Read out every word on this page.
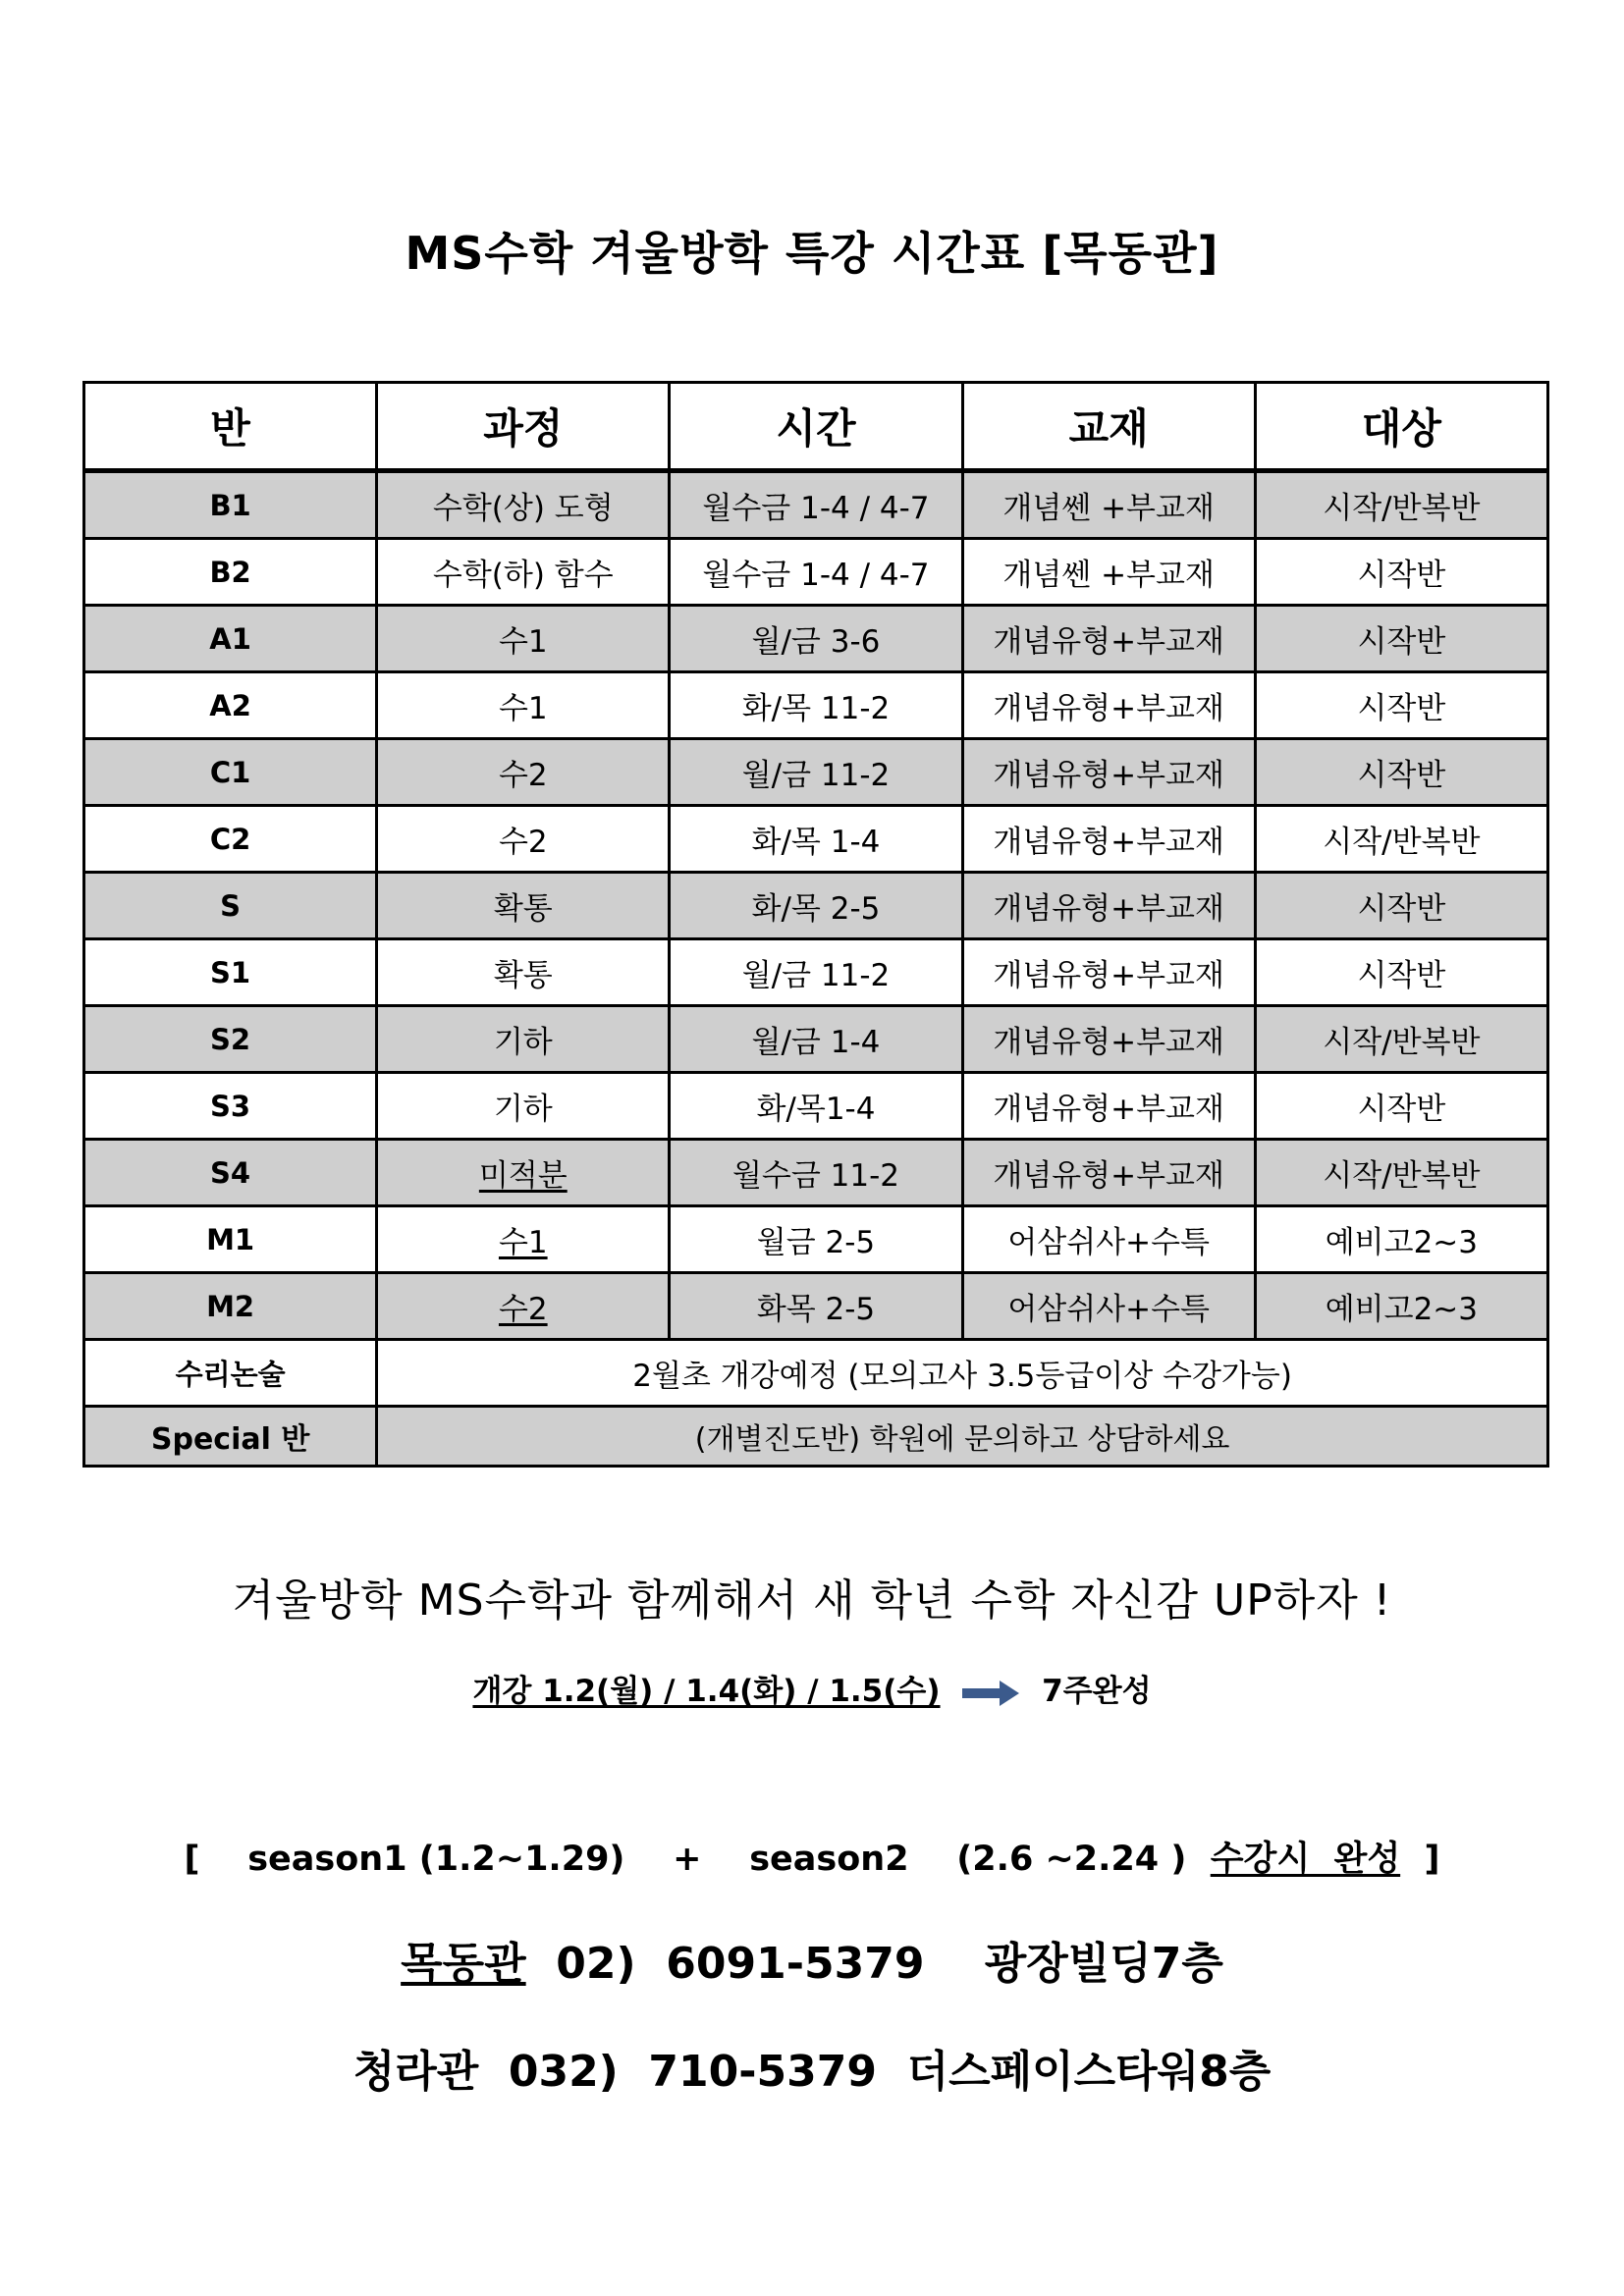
MS수학 겨울방학 특강 시간표 [목동관]
반	과정	시간	교재	대상
B1	수학(상) 도형	월수금 1-4 / 4-7	개념쎈 +부교재	시작/반복반
B2	수학(하) 함수	월수금 1-4 / 4-7	개념쎈 +부교재	시작반
A1	수1	월/금 3-6	개념유형+부교재	시작반
A2	수1	화/목 11-2	개념유형+부교재	시작반
C1	수2	월/금 11-2	개념유형+부교재	시작반
C2	수2	화/목 1-4	개념유형+부교재	시작/반복반
S	확통	화/목 2-5	개념유형+부교재	시작반
S1	확통	월/금 11-2	개념유형+부교재	시작반
S2	기하	월/금 1-4	개념유형+부교재	시작/반복반
S3	기하	화/목1-4	개념유형+부교재	시작반
S4	미적분	월수금 11-2	개념유형+부교재	시작/반복반
M1	수1	월금 2-5	어삼쉬사+수특	예비고2~3
M2	수2	화목 2-5	어삼쉬사+수특	예비고2~3
수리논술	2월초 개강예정 (모의고사 3.5등급이상 수강가능)			
Special 반	(개별진도반) 학원에 문의하고 상담하세요			
겨울방학 MS수학과 함께해서 새 학년 수학 자신감 UP하자 !
개강 1.2(월) / 1.4(화) / 1.5(수)	7주완성
[    season1 (1.2~1.29)    +    season2    (2.6 ~2.24 )  수강시  완성  ]
목동관  02)  6091-5379    광장빌딩7층
청라관  032)  710-5379  더스페이스타워8층
